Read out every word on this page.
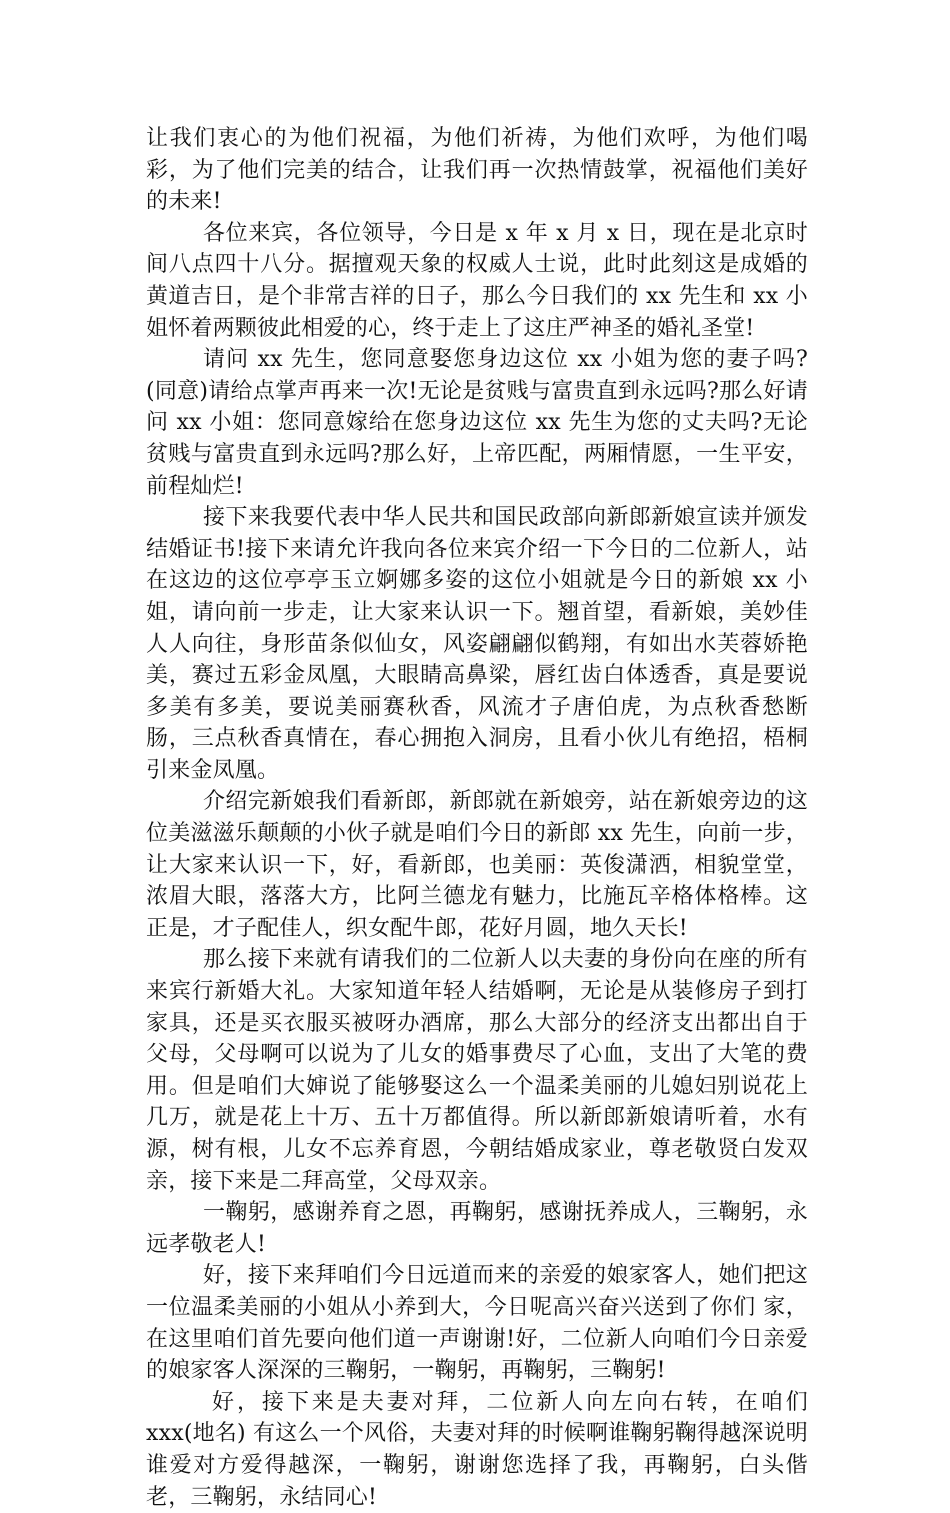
让我们衷心的为他们祝福，为他们祈祷，为他们欢呼，为他们喝彩，为了他们完美的结合，让我们再一次热情鼓掌，祝福他们美好的未来!

各位来宾，各位领导，今日是 x 年 x 月 x 日，现在是北京时间八点四十八分。据擅观天象的权威人士说，此时此刻这是成婚的黄道吉日，是个非常吉祥的日子，那么今日我们的 xx 先生和 xx 小姐怀着两颗彼此相爱的心，终于走上了这庄严神圣的婚礼圣堂!

请问 xx 先生，您同意娶您身边这位 xx 小姐为您的妻子吗?(同意)请给点掌声再来一次!无论是贫贱与富贵直到永远吗?那么好请问 xx 小姐：您同意嫁给在您身边这位 xx 先生为您的丈夫吗?无论贫贱与富贵直到永远吗?那么好，上帝匹配，两厢情愿，一生平安，前程灿烂!

接下来我要代表中华人民共和国民政部向新郎新娘宣读并颁发结婚证书!接下来请允许我向各位来宾介绍一下今日的二位新人，站在这边的这位亭亭玉立婀娜多姿的这位小姐就是今日的新娘 xx 小姐，请向前一步走，让大家来认识一下。翘首望，看新娘，美妙佳人人向往，身形苗条似仙女，风姿翩翩似鹤翔，有如出水芙蓉娇艳美，赛过五彩金凤凰，大眼睛高鼻梁，唇红齿白体透香，真是要说多美有多美，要说美丽赛秋香，风流才子唐伯虎，为点秋香愁断肠，三点秋香真情在，春心拥抱入洞房，且看小伙儿有绝招，梧桐引来金凤凰。

介绍完新娘我们看新郎，新郎就在新娘旁，站在新娘旁边的这位美滋滋乐颠颠的小伙子就是咱们今日的新郎 xx 先生，向前一步，让大家来认识一下，好，看新郎，也美丽：英俊潇洒，相貌堂堂，浓眉大眼，落落大方，比阿兰德龙有魅力，比施瓦辛格体格棒。这正是，才子配佳人，织女配牛郎，花好月圆，地久天长!

那么接下来就有请我们的二位新人以夫妻的身份向在座的所有来宾行新婚大礼。大家知道年轻人结婚啊，无论是从装修房子到打家具，还是买衣服买被呀办酒席，那么大部分的经济支出都出自于父母，父母啊可以说为了儿女的婚事费尽了心血，支出了大笔的费用。但是咱们大婶说了能够娶这么一个温柔美丽的儿媳妇别说花上几万，就是花上十万、五十万都值得。所以新郎新娘请听着，水有源，树有根，儿女不忘养育恩，今朝结婚成家业，尊老敬贤白发双亲，接下来是二拜高堂，父母双亲。

一鞠躬，感谢养育之恩，再鞠躬，感谢抚养成人，三鞠躬，永远孝敬老人!

好，接下来拜咱们今日远道而来的亲爱的娘家客人，她们把这一位温柔美丽的小姐从小养到大，今日呢高兴奋兴送到了你们 家，在这里咱们首先要向他们道一声谢谢!好，二位新人向咱们今日亲爱的娘家客人深深的三鞠躬，一鞠躬，再鞠躬，三鞠躬!

好，接下来是夫妻对拜，二位新人向左向右转，在咱们xxx(地名) 有这么一个风俗，夫妻对拜的时候啊谁鞠躬鞠得越深说明谁爱对方爱得越深，一鞠躬，谢谢您选择了我，再鞠躬，白头偕老，三鞠躬，永结同心!
